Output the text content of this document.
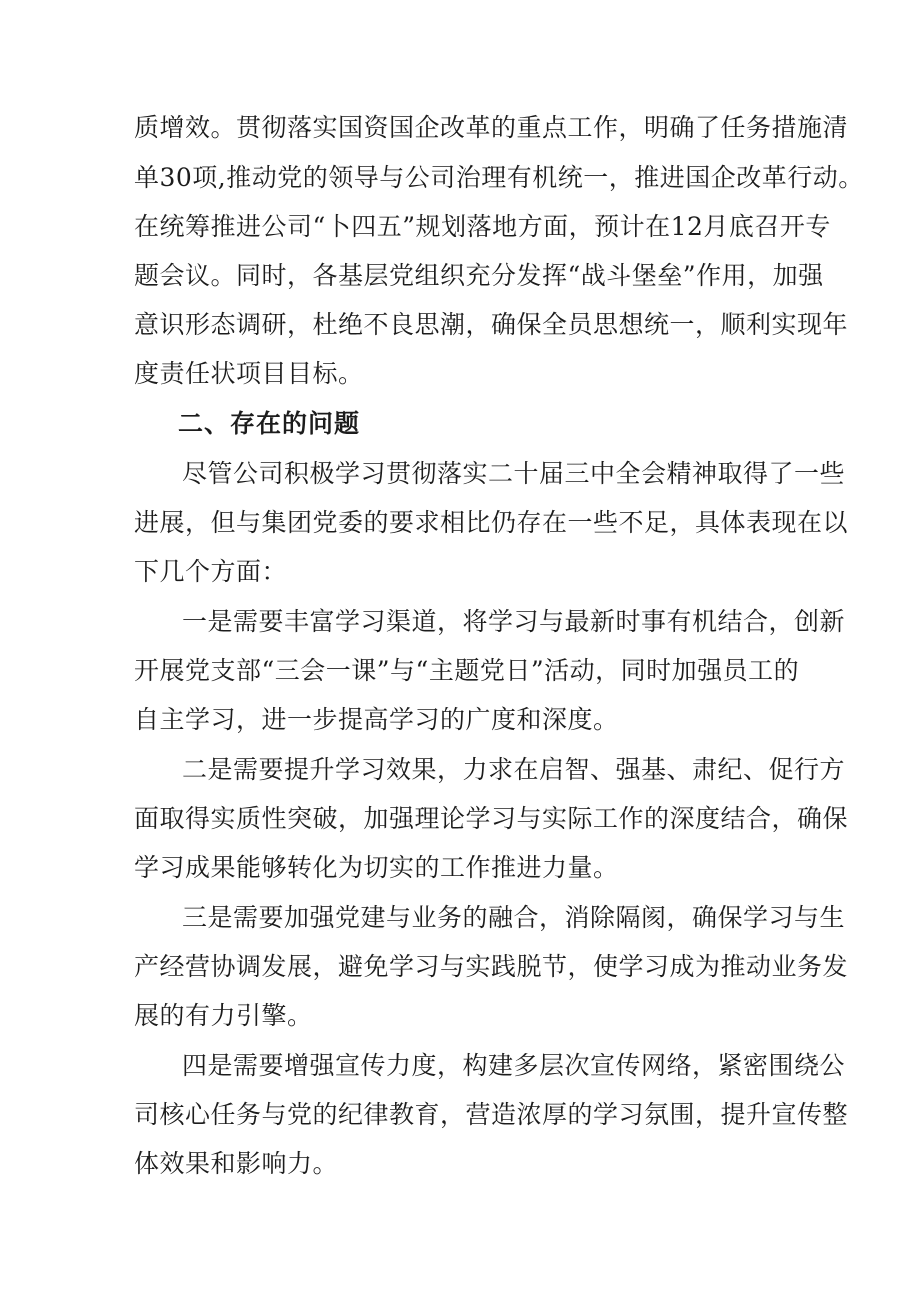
质增效。贯彻落实国资国企改革的重点工作，明确了任务措施清
单30项,推动党的领导与公司治理有机统一，推进国企改革行动。
在统筹推进公司“卜四五”规划落地方面，预计在12月底召开专
题会议。同时，各基层党组织充分发挥“战斗堡垒”作用，加强
意识形态调研，杜绝不良思潮，确保全员思想统一，顺利实现年
度责任状项目目标。
二、存在的问题
尽管公司积极学习贯彻落实二十届三中全会精神取得了一些
进展，但与集团党委的要求相比仍存在一些不足，具体表现在以
下几个方面：
一是需要丰富学习渠道，将学习与最新时事有机结合，创新
开展党支部“三会一课”与“主题党日”活动，同时加强员工的
自主学习，进一步提高学习的广度和深度。
二是需要提升学习效果，力求在启智、强基、肃纪、促行方
面取得实质性突破，加强理论学习与实际工作的深度结合，确保
学习成果能够转化为切实的工作推进力量。
三是需要加强党建与业务的融合，消除隔阂，确保学习与生
产经营协调发展，避免学习与实践脱节，使学习成为推动业务发
展的有力引擎。
四是需要增强宣传力度，构建多层次宣传网络，紧密围绕公
司核心任务与党的纪律教育，营造浓厚的学习氛围，提升宣传整
体效果和影响力。
